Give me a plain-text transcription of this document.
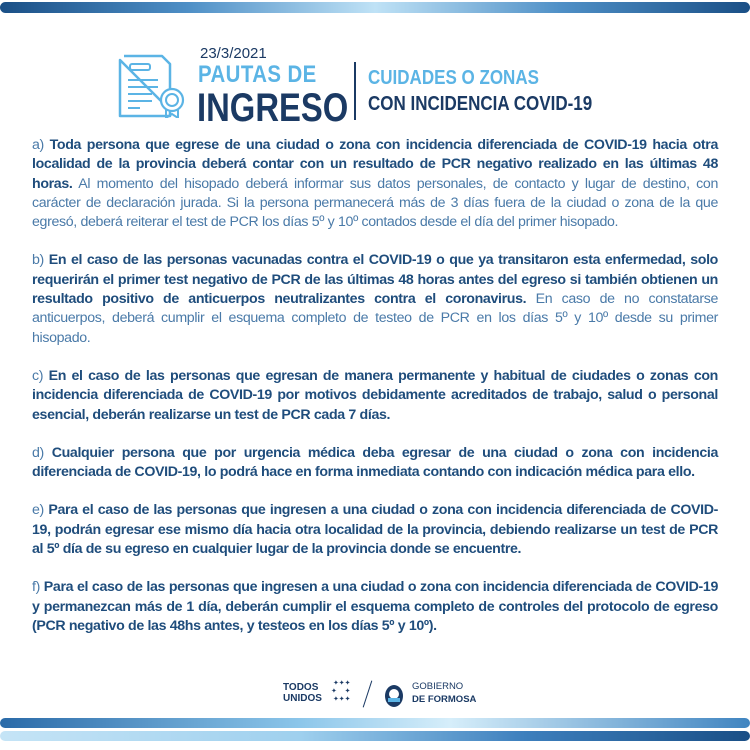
23/3/2021
PAUTAS DE
INGRESO
CUIDADES O ZONAS
CON INCIDENCIA COVID-19

a) Toda persona que egrese de una ciudad o zona con incidencia diferenciada de COVID-19 hacia otra localidad de la provincia deberá contar con un resultado de PCR negativo realizado en las últimas 48 horas. Al momento del hisopado deberá informar sus datos personales, de contacto y lugar de destino, con carácter de declaración jurada. Si la persona permanecerá más de 3 días fuera de la ciudad o zona de la que egresó, deberá reiterar el test de PCR los días 5º y 10º contados desde el día del primer hisopado.

b) En el caso de las personas vacunadas contra el COVID-19 o que ya transitaron esta enfermedad, solo requerirán el primer test negativo de PCR de las últimas 48 horas antes del egreso si también obtienen un resultado positivo de anticuerpos neutralizantes contra el coronavirus. En caso de no constatarse anticuerpos, deberá cumplir el esquema completo de testeo de PCR en los días 5º y 10º desde su primer hisopado.

c) En el caso de las personas que egresan de manera permanente y habitual de ciudades o zonas con incidencia diferenciada de COVID-19 por motivos debidamente acreditados de trabajo, salud o personal esencial, deberán realizarse un test de PCR cada 7 días.

d) Cualquier persona que por urgencia médica deba egresar de una ciudad o zona con incidencia diferenciada de COVID-19, lo podrá hace en forma inmediata contando con indicación médica para ello.

e) Para el caso de las personas que ingresen a una ciudad o zona con incidencia diferenciada de COVID-19, podrán egresar ese mismo día hacia otra localidad de la provincia, debiendo realizarse un test de PCR al 5º día de su egreso en cualquier lugar de la provincia donde se encuentre.

f) Para el caso de las personas que ingresen a una ciudad o zona con incidencia diferenciada de COVID-19 y permanezcan más de 1 día, deberán cumplir el esquema completo de controles del protocolo de egreso (PCR negativo de las 48hs antes, y testeos en los días 5º y 10º).

TODOS
UNIDOS
✦✦✦
✦    ✦
✦✦✦
GOBIERNO
DE FORMOSA
